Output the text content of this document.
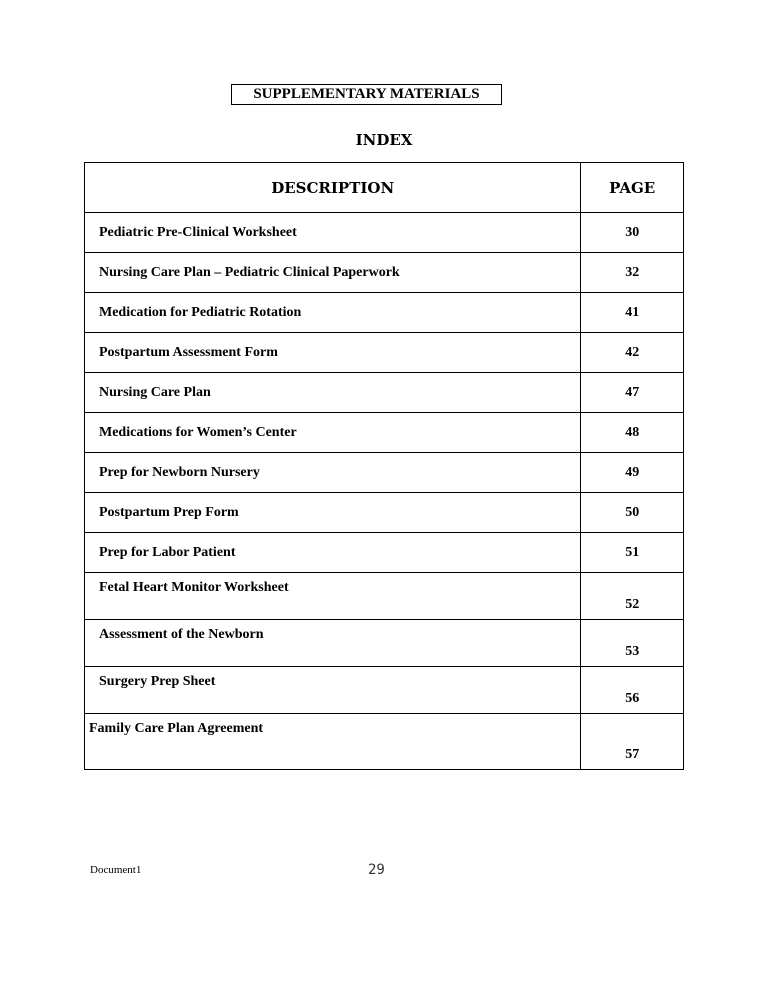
SUPPLEMENTARY MATERIALS
INDEX
DESCRIPTION	PAGE
Pediatric Pre-Clinical Worksheet	30
Nursing Care Plan – Pediatric Clinical Paperwork	32
Medication for Pediatric Rotation	41
Postpartum Assessment Form	42
Nursing Care Plan	47
Medications for Women’s Center	48
Prep for Newborn Nursery	49
Postpartum Prep Form	50
Prep for Labor Patient	51
Fetal Heart Monitor Worksheet	52
Assessment of the Newborn	53
Surgery Prep Sheet	56
Family Care Plan Agreement	57
Document1	29
